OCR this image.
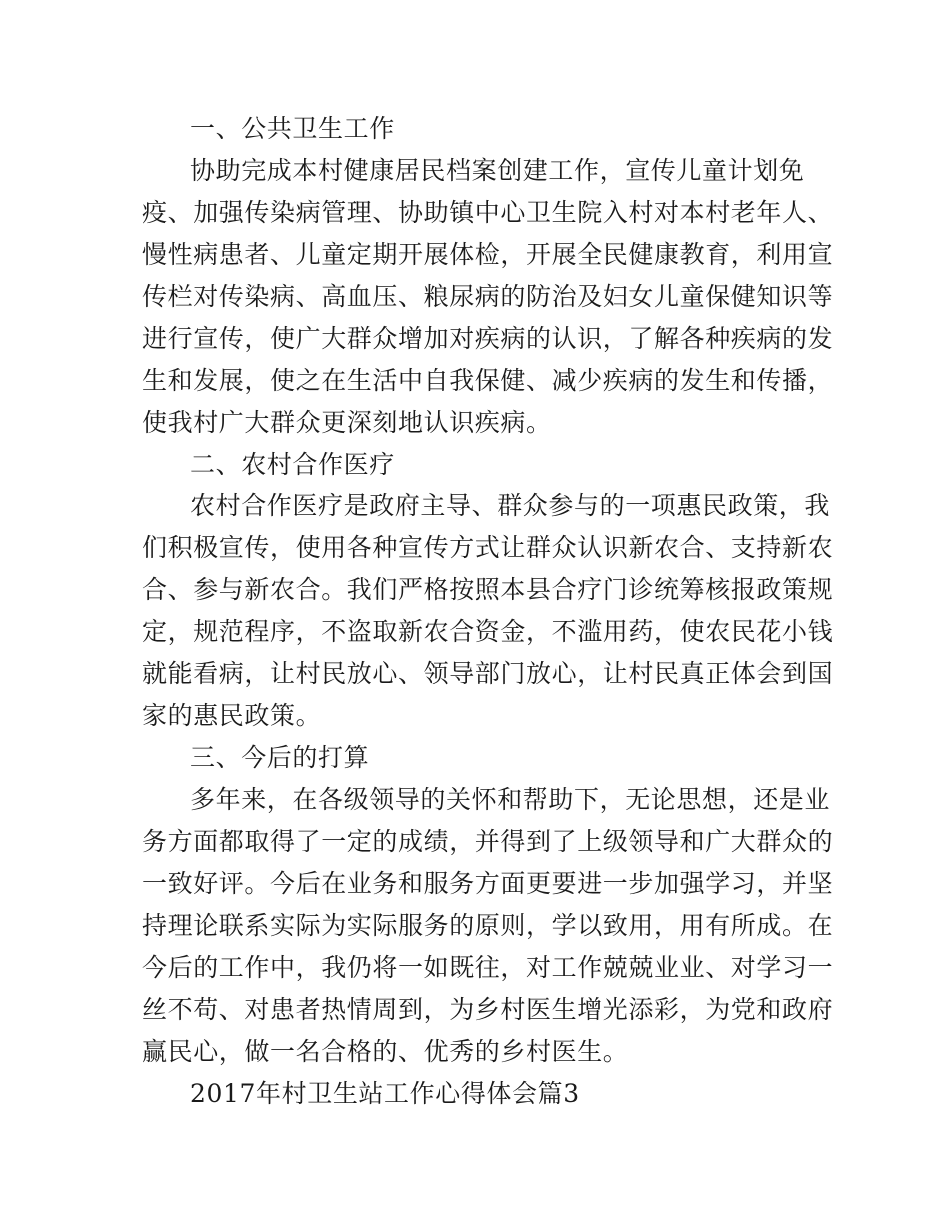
一、公共卫生工作
协助完成本村健康居民档案创建工作，宣传儿童计划免
疫、加强传染病管理、协助镇中心卫生院入村对本村老年人、
慢性病患者、儿童定期开展体检，开展全民健康教育，利用宣
传栏对传染病、高血压、粮尿病的防治及妇女儿童保健知识等
进行宣传，使广大群众增加对疾病的认识，了解各种疾病的发
生和发展，使之在生活中自我保健、减少疾病的发生和传播，
使我村广大群众更深刻地认识疾病。
二、农村合作医疗
农村合作医疗是政府主导、群众参与的一项惠民政策，我
们积极宣传，使用各种宣传方式让群众认识新农合、支持新农
合、参与新农合。我们严格按照本县合疗门诊统筹核报政策规
定，规范程序，不盗取新农合资金，不滥用药，使农民花小钱
就能看病，让村民放心、领导部门放心，让村民真正体会到国
家的惠民政策。
三、今后的打算
多年来，在各级领导的关怀和帮助下，无论思想，还是业
务方面都取得了一定的成绩，并得到了上级领导和广大群众的
一致好评。今后在业务和服务方面更要进一步加强学习，并坚
持理论联系实际为实际服务的原则，学以致用，用有所成。在
今后的工作中，我仍将一如既往，对工作兢兢业业、对学习一
丝不苟、对患者热情周到，为乡村医生增光添彩，为党和政府
赢民心，做一名合格的、优秀的乡村医生。
2017年村卫生站工作心得体会篇3
